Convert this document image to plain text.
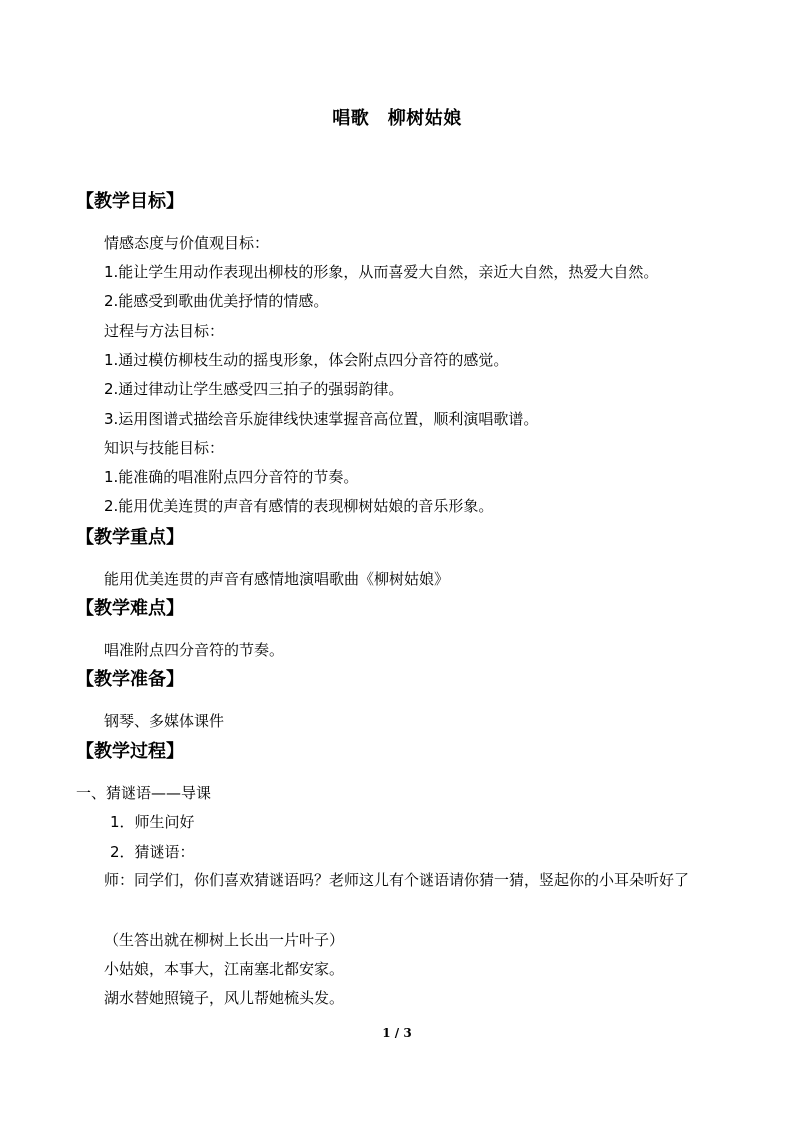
唱歌　柳树姑娘
【教学目标】
情感态度与价值观目标：
1.能让学生用动作表现出柳枝的形象，从而喜爱大自然，亲近大自然，热爱大自然。
2.能感受到歌曲优美抒情的情感。
过程与方法目标：
1.通过模仿柳枝生动的摇曳形象，体会附点四分音符的感觉。
2.通过律动让学生感受四三拍子的强弱韵律。
3.运用图谱式描绘音乐旋律线快速掌握音高位置，顺利演唱歌谱。
知识与技能目标：
1.能准确的唱准附点四分音符的节奏。
2.能用优美连贯的声音有感情的表现柳树姑娘的音乐形象。
【教学重点】
能用优美连贯的声音有感情地演唱歌曲《柳树姑娘》
【教学难点】
唱准附点四分音符的节奏。
【教学准备】
钢琴、多媒体课件
【教学过程】
一、猜谜语——导课
1．师生问好
2．猜谜语：
师：同学们，你们喜欢猜谜语吗？老师这儿有个谜语请你猜一猜，竖起你的小耳朵听好了
（生答出就在柳树上长出一片叶子）
小姑娘，本事大，江南塞北都安家。
湖水替她照镜子，风儿帮她梳头发。
1 / 3
